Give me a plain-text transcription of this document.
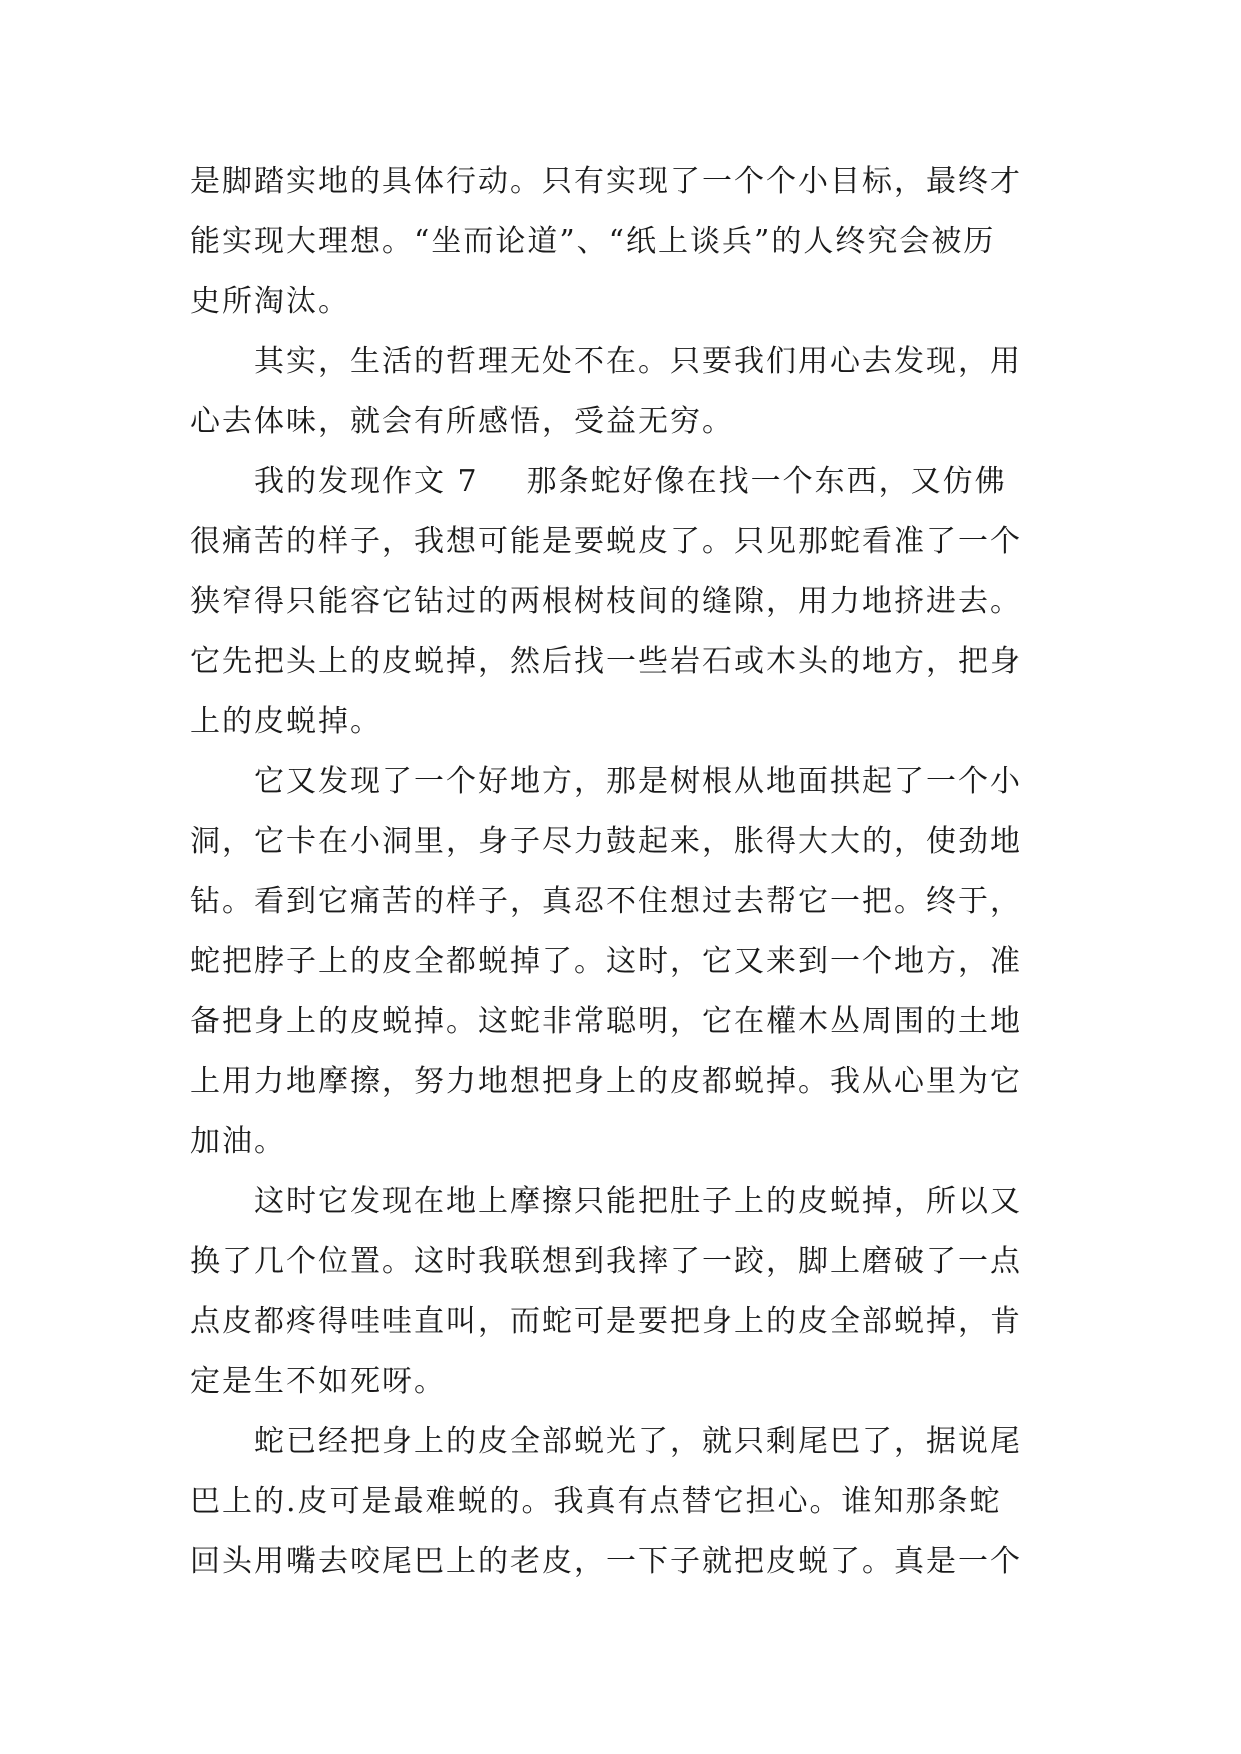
是脚踏实地的具体行动。只有实现了一个个小目标，最终才
能实现大理想。“坐而论道”、“纸上谈兵”的人终究会被历
史所淘汰。
其实，生活的哲理无处不在。只要我们用心去发现，用
心去体味，就会有所感悟，受益无穷。
我的发现作文 7 那条蛇好像在找一个东西，又仿佛
很痛苦的样子，我想可能是要蜕皮了。只见那蛇看准了一个
狭窄得只能容它钻过的两根树枝间的缝隙，用力地挤进去。
它先把头上的皮蜕掉，然后找一些岩石或木头的地方，把身
上的皮蜕掉。
它又发现了一个好地方，那是树根从地面拱起了一个小
洞，它卡在小洞里，身子尽力鼓起来，胀得大大的，使劲地
钻。看到它痛苦的样子，真忍不住想过去帮它一把。终于，
蛇把脖子上的皮全都蜕掉了。这时，它又来到一个地方，准
备把身上的皮蜕掉。这蛇非常聪明，它在權木丛周围的土地
上用力地摩擦，努力地想把身上的皮都蜕掉。我从心里为它
加油。
这时它发现在地上摩擦只能把肚子上的皮蜕掉，所以又
换了几个位置。这时我联想到我摔了一跤，脚上磨破了一点
点皮都疼得哇哇直叫，而蛇可是要把身上的皮全部蜕掉，肯
定是生不如死呀。
蛇已经把身上的皮全部蜕光了，就只剩尾巴了，据说尾
巴上的.皮可是最难蜕的。我真有点替它担心。谁知那条蛇
回头用嘴去咬尾巴上的老皮，一下子就把皮蜕了。真是一个
